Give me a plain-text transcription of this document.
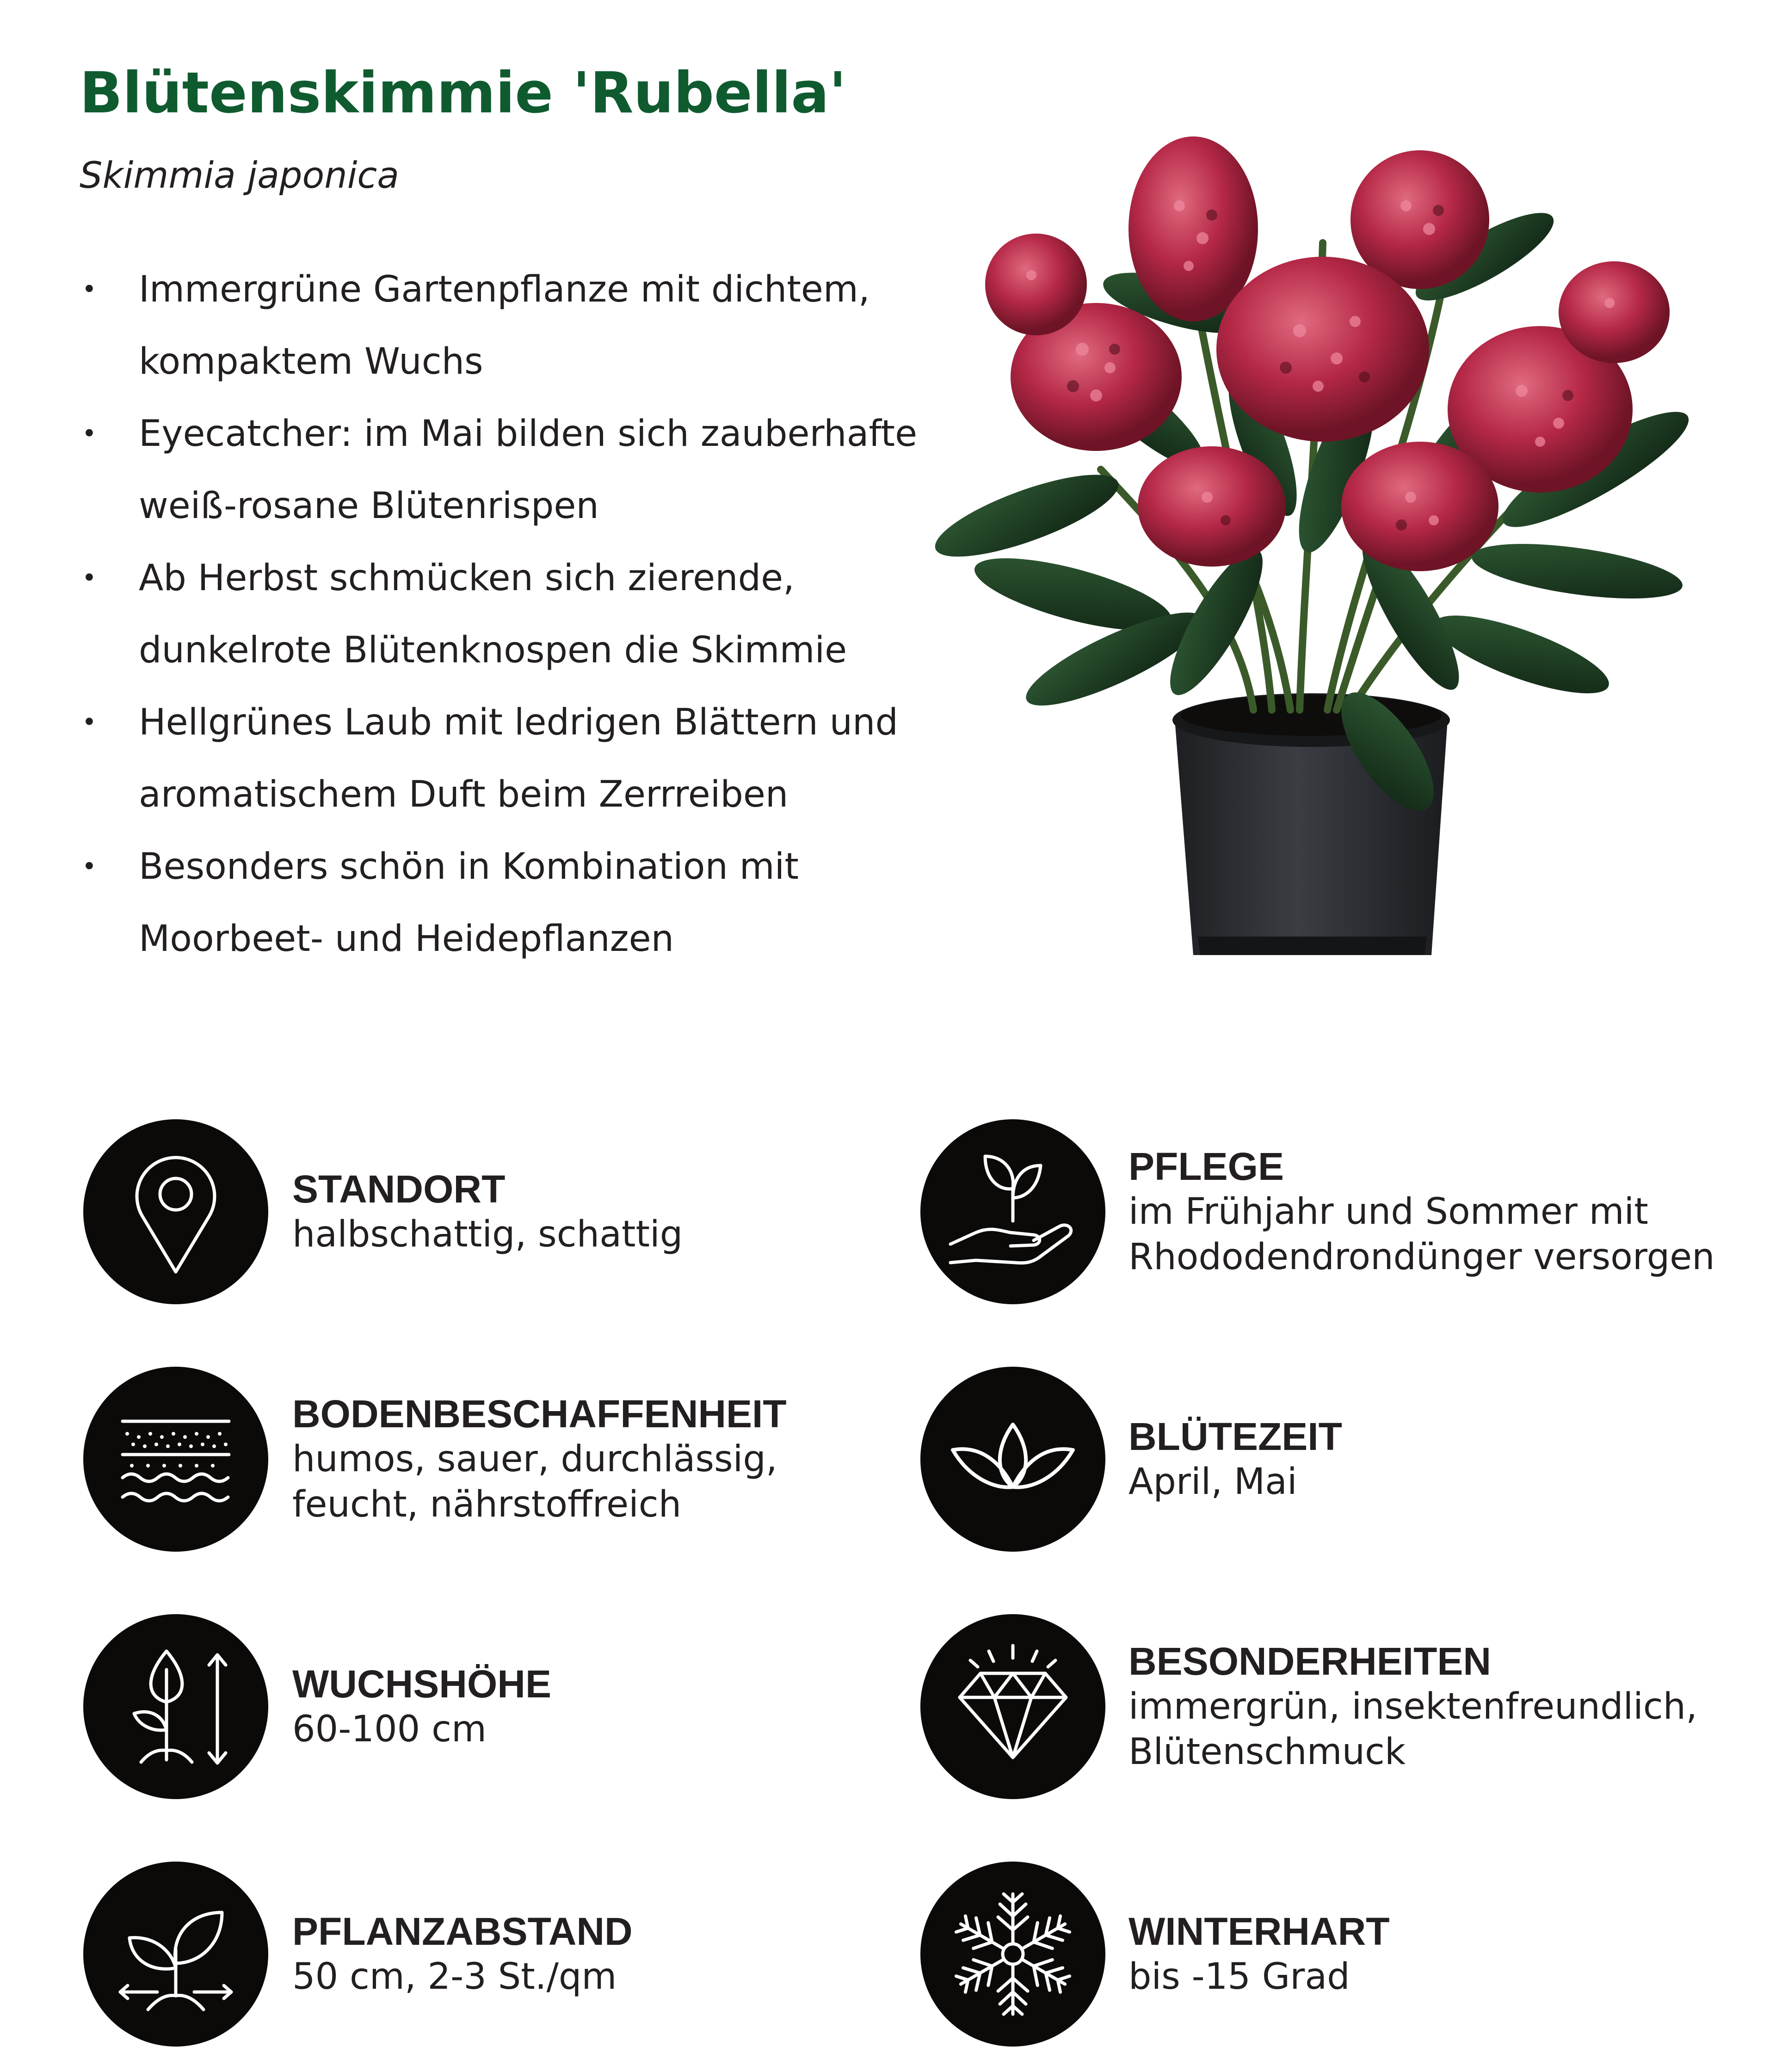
Blütenskimmie 'Rubella'
Skimmia japonica
• Immergrüne Gartenpflanze mit dichtem,
kompaktem Wuchs
• Eyecatcher: im Mai bilden sich zauberhafte
weiß-rosane Blütenrispen
• Ab Herbst schmücken sich zierende,
dunkelrote Blütenknospen die Skimmie
• Hellgrünes Laub mit ledrigen Blättern und
aromatischem Duft beim Zerrreiben
• Besonders schön in Kombination mit
Moorbeet- und Heidepflanzen
STANDORT
halbschattig, schattig
BODENBESCHAFFENHEIT
humos, sauer, durchlässig,
feucht, nährstoffreich
WUCHSHÖHE
60-100 cm
PFLANZABSTAND
50 cm, 2-3 St./qm
PFLEGE
im Frühjahr und Sommer mit
Rhododendrondünger versorgen
BLÜTEZEIT
April, Mai
BESONDERHEITEN
immergrün, insektenfreundlich,
Blütenschmuck
WINTERHART
bis -15 Grad
